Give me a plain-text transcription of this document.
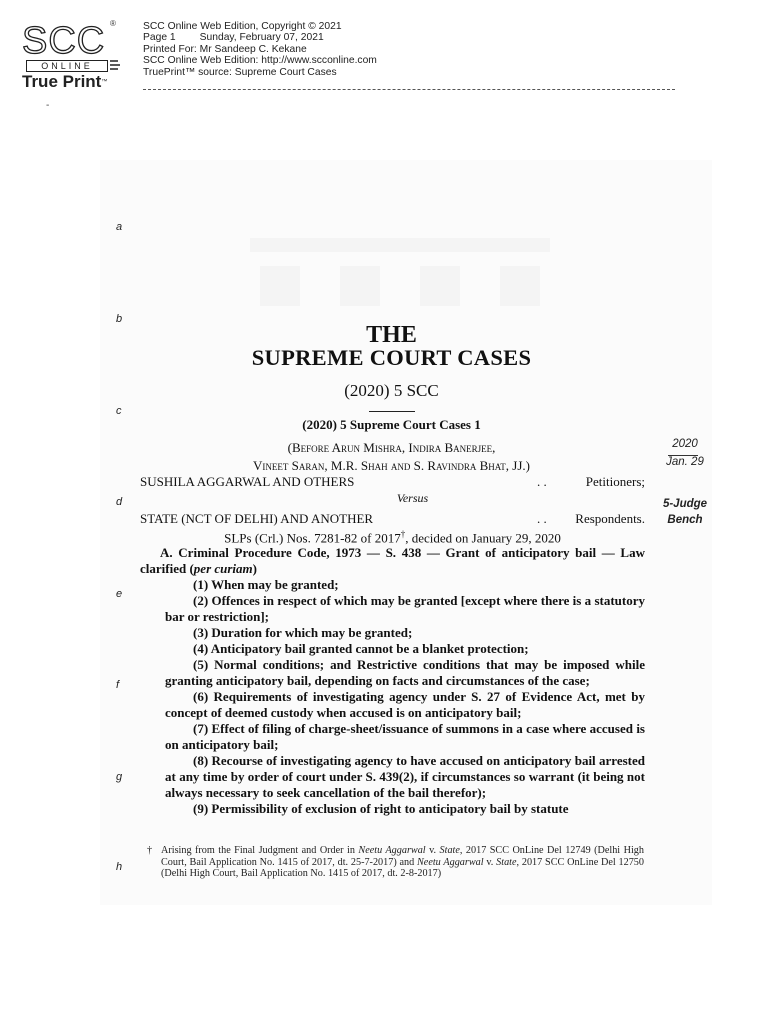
SCC ®
ONLINE
True Print™
SCC Online Web Edition, Copyright © 2021
Page 1 Sunday, February 07, 2021
Printed For: Mr Sandeep C. Kekane
SCC Online Web Edition: http://www.scconline.com
TruePrint™ source: Supreme Court Cases
-
a
b
c
d
e
f
g
h
THE
SUPREME COURT CASES
(2020) 5 SCC
(2020) 5 Supreme Court Cases 1
(Before Arun Mishra, Indira Banerjee,
Vineet Saran, M.R. Shah and S. Ravindra Bhat, JJ.)
2020
Jan. 29
5-Judge
Bench
SUSHILA AGGARWAL AND OTHERS	. .	Petitioners;
Versus
STATE (NCT OF DELHI) AND ANOTHER	. . Respondents.
SLPs (Crl.) Nos. 7281-82 of 2017†, decided on January 29, 2020

A. Criminal Procedure Code, 1973 — S. 438 — Grant of anticipatory bail — Law clarified (per curiam)

(1) When may be granted;

(2) Offences in respect of which may be granted [except where there is a statutory bar or restriction];

(3) Duration for which may be granted;

(4) Anticipatory bail granted cannot be a blanket protection;

(5) Normal conditions; and Restrictive conditions that may be imposed while granting anticipatory bail, depending on facts and circumstances of the case;

(6) Requirements of investigating agency under S. 27 of Evidence Act, met by concept of deemed custody when accused is on anticipatory bail;

(7) Effect of filing of charge-sheet/issuance of summons in a case where accused is on anticipatory bail;

(8) Recourse of investigating agency to have accused on anticipatory bail arrested at any time by order of court under S. 439(2), if circumstances so warrant (it being not always necessary to seek cancellation of the bail therefor);

(9) Permissibility of exclusion of right to anticipatory bail by statute

† Arising from the Final Judgment and Order in Neetu Aggarwal v. State, 2017 SCC OnLine Del 12749 (Delhi High Court, Bail Application No. 1415 of 2017, dt. 25-7-2017) and Neetu Aggarwal v. State, 2017 SCC OnLine Del 12750 (Delhi High Court, Bail Application No. 1415 of 2017, dt. 2-8-2017)
